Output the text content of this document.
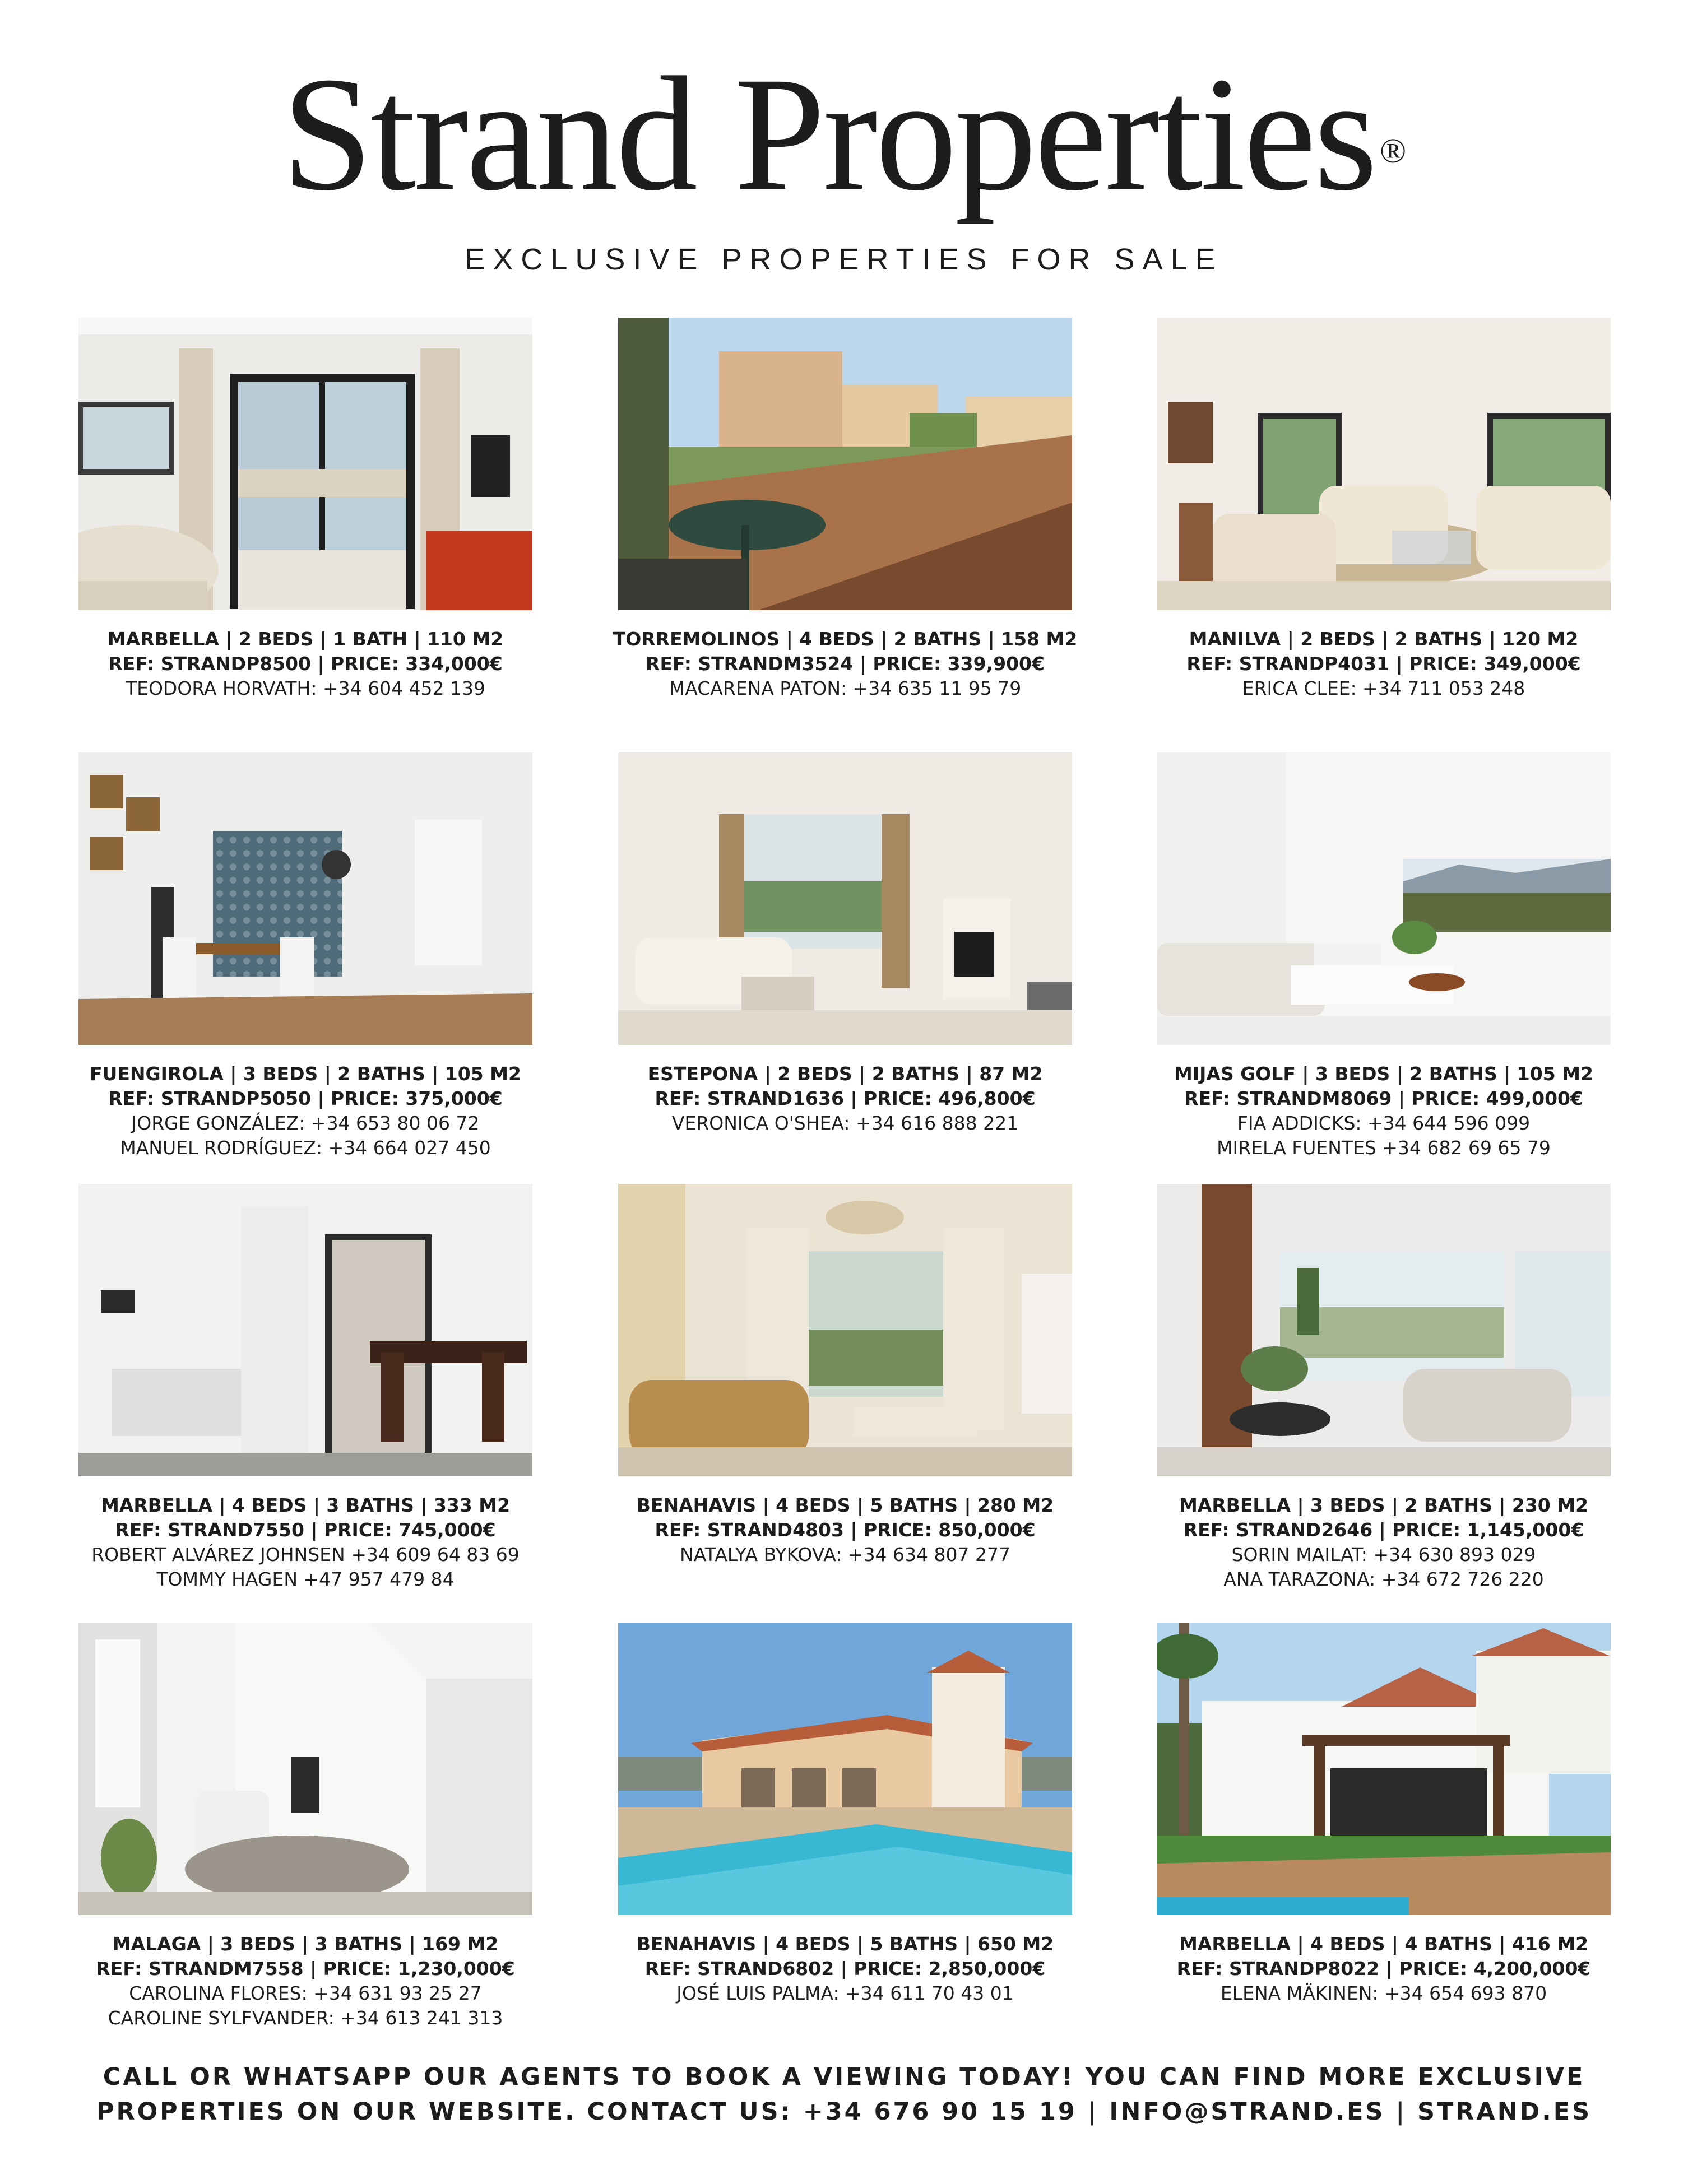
Strand Properties ®
EXCLUSIVE PROPERTIES FOR SALE
MARBELLA | 2 BEDS | 1 BATH | 110 M2
REF: STRANDP8500 | PRICE: 334,000€
TEODORA HORVATH: +34 604 452 139
TORREMOLINOS | 4 BEDS | 2 BATHS | 158 M2
REF: STRANDM3524 | PRICE: 339,900€
MACARENA PATON: +34 635 11 95 79
MANILVA | 2 BEDS | 2 BATHS | 120 M2
REF: STRANDP4031 | PRICE: 349,000€
ERICA CLEE: +34 711 053 248
FUENGIROLA | 3 BEDS | 2 BATHS | 105 M2
REF: STRANDP5050 | PRICE: 375,000€
JORGE GONZÁLEZ: +34 653 80 06 72
MANUEL RODRÍGUEZ: +34 664 027 450
ESTEPONA | 2 BEDS | 2 BATHS | 87 M2
REF: STRAND1636 | PRICE: 496,800€
VERONICA O'SHEA: +34 616 888 221
MIJAS GOLF | 3 BEDS | 2 BATHS | 105 M2
REF: STRANDM8069 | PRICE: 499,000€
FIA ADDICKS: +34 644 596 099
MIRELA FUENTES +34 682 69 65 79
MARBELLA | 4 BEDS | 3 BATHS | 333 M2
REF: STRAND7550 | PRICE: 745,000€
ROBERT ALVÁREZ JOHNSEN +34 609 64 83 69
TOMMY HAGEN +47 957 479 84
BENAHAVIS | 4 BEDS | 5 BATHS | 280 M2
REF: STRAND4803 | PRICE: 850,000€
NATALYA BYKOVA: +34 634 807 277
MARBELLA | 3 BEDS | 2 BATHS | 230 M2
REF: STRAND2646 | PRICE: 1,145,000€
SORIN MAILAT: +34 630 893 029
ANA TARAZONA: +34 672 726 220
MALAGA | 3 BEDS | 3 BATHS | 169 M2
REF: STRANDM7558 | PRICE: 1,230,000€
CAROLINA FLORES: +34 631 93 25 27
CAROLINE SYLFVANDER: +34 613 241 313
BENAHAVIS | 4 BEDS | 5 BATHS | 650 M2
REF: STRAND6802 | PRICE: 2,850,000€
JOSÉ LUIS PALMA: +34 611 70 43 01
MARBELLA | 4 BEDS | 4 BATHS | 416 M2
REF: STRANDP8022 | PRICE: 4,200,000€
ELENA MÄKINEN: +34 654 693 870
CALL OR WHATSAPP OUR AGENTS TO BOOK A VIEWING TODAY! YOU CAN FIND MORE EXCLUSIVE
PROPERTIES ON OUR WEBSITE. CONTACT US: +34 676 90 15 19 | INFO@STRAND.ES | STRAND.ES
